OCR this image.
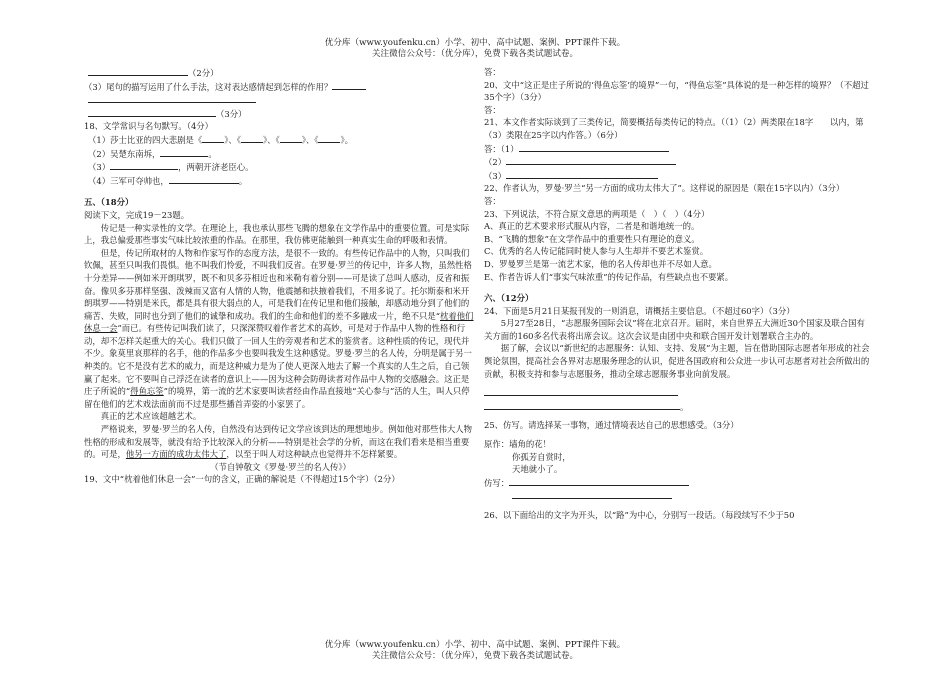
优分库（www.youfenku.cn）小学、初中、高中试题、案例、PPT课件下载。
关注微信公众号：（优分库），免费下载各类试题试卷。
（2分）
（3）尾句的描写运用了什么手法，这对表达感情起到怎样的作用？
（3分）
18、文学常识与名句默写。（4分）
（1）莎士比亚的四大悲剧是《	》、《	》、《	》、《	》。
（2）吴楚东南坼，	。
（3）	，两朝开济老臣心。
（4）三军可夺帅也，	。
五、（18分）
阅读下文，完成19－23题。
传记是一种实录性的文学。在理论上，我也承认那些飞腾的想象在文学作品中的重要位置。可是实际上，我总偏爱那些事实气味比较浓重的作品。在那里，我仿佛更能触到一种真实生命的呼吸和表情。
但是，传记所取材的人物和作家写作的态度方法，是很不一致的。有些传记作品中的人物，只叫我们钦佩，甚至只叫我们畏惧。他不叫我们怜爱，不叫我们反省。在罗曼·罗兰的传记中，许多人物，虽然性格十分差异——例如米开朗琪罗，既不和贝多芬相近也和米勒有着分别——可是读了总叫人感动，反省和振奋。像贝多芬那样坚强、泼辣而又富有人情的人物，他震撼和扶掖着我们，不用多说了。托尔斯泰和米开朗琪罗——特别是米氏，都是具有很大弱点的人，可是我们在传记里和他们接触，却感动地分到了他们的痛苦、失败，同时也分到了他们的诚挚和成功。我们的生命和他们的差不多融成一片，绝不只是“枕着他们休息一会”而已。有些传记叫我们读了，只深深赞叹着作者艺术的高妙，可是对于作品中人物的性格和行动，却不怎样关起重大的关心。我们只做了一回人生的旁观者和艺术的鉴赏者。这种性质的传记，现代并不少。象莫里哀那样的名手，他的作品多少也要叫我发生这种感觉。罗曼·罗兰的名人传，分明是属于另一种类的。它不是没有艺术的威力，而是这种威力是为了使人更深入地去了解一个真实的人生之后，自己领赢了起来。它不要叫自己浮泛在读者的意识上——因为这种会防碍读者对作品中人物的交感融会。这正是庄子所说的“得鱼忘筌”的境界，第一流的艺术家要叫读者经由作品直接地“关心参与”活的人生，叫人只停留在他们的艺术戏法面前而不过是那些播首弄姿的小家罢了。
真正的艺术应该超越艺术。
严格说来，罗曼·罗兰的名人传，自然没有达到传记文学应该到达的理想地步。例如他对那些伟大人物性格的形成和发展等，就没有给予比较深入的分析——特别是社会学的分析，而这在我们看来是相当重要的。可是，他另一方面的成功太伟大了，以至于叫人对这种缺点也觉得并不怎样紧要。
（节自钟敬文《罗曼·罗兰的名人传》）
19、文中“枕着他们休息一会”一句的含义，正确的解说是（不得超过15个字）（2分）
答：
20、文中“这正是庄子所说的‘得鱼忘筌’的境界”一句，“得鱼忘筌”具体说的是一种怎样的境界？（不超过35个字）（3分）
答：
21、本文作者实际谈到了三类传记，简要概括每类传记的特点。（（1）（2）两类限在18字　　以内，第（3）类限在25字以内作答。）（6分）
答：（1）
（2）
（3）
22、作者认为，罗曼·罗兰“另一方面的成功太伟大了”。这样说的原因是（限在15字以内）（3分）
答：
23、下列说法，不符合原文意思的两项是（　）（　）（4分）
A、真正的艺术要求形式服从内容，二者是和谐地统一的。
B、“飞腾的想象”在文学作品中的重要性只有理论的意义。
C、优秀的名人传记能同时使人参与人生却并不要艺术鉴赏。
D、罗曼罗兰是第一流艺术家，他的名人传却也并不尽如人意。
E、作者告诉人们“事实气味浓重”的传记作品，有些缺点也不要紧。
六、（12分）
24、下面是5月21日某报刊发的一则消息，请概括主要信息。（不超过60字）（3分）
5月27至28日，“志愿服务国际会议”将在北京召开。届时，来自世界五大洲近30个国家及联合国有关方面的160多名代表将出席会议。这次会议是由团中央和联合国开发计划署联合主办的。
据了解，会议以“新世纪的志愿服务：认知、支持、发展”为主题，旨在借助国际志愿者年形成的社会舆论氛围，提高社会各界对志愿服务理念的认识，促进各国政府和公众进一步认可志愿者对社会所做出的贡献，积极支持和参与志愿服务，推动全球志愿服务事业向前发展。
。
25、仿写。请选择某一事物，通过情境表达自己的思想感受。（3分）
原作：墙角的花！
你孤芳自赏时，
天地就小了。
仿写：
26、以下面给出的文字为开头，以“路”为中心，分别写一段话。（每段续写不少于50
优分库（www.youfenku.cn）小学、初中、高中试题、案例、PPT课件下载。
关注微信公众号：（优分库），免费下载各类试题试卷。
